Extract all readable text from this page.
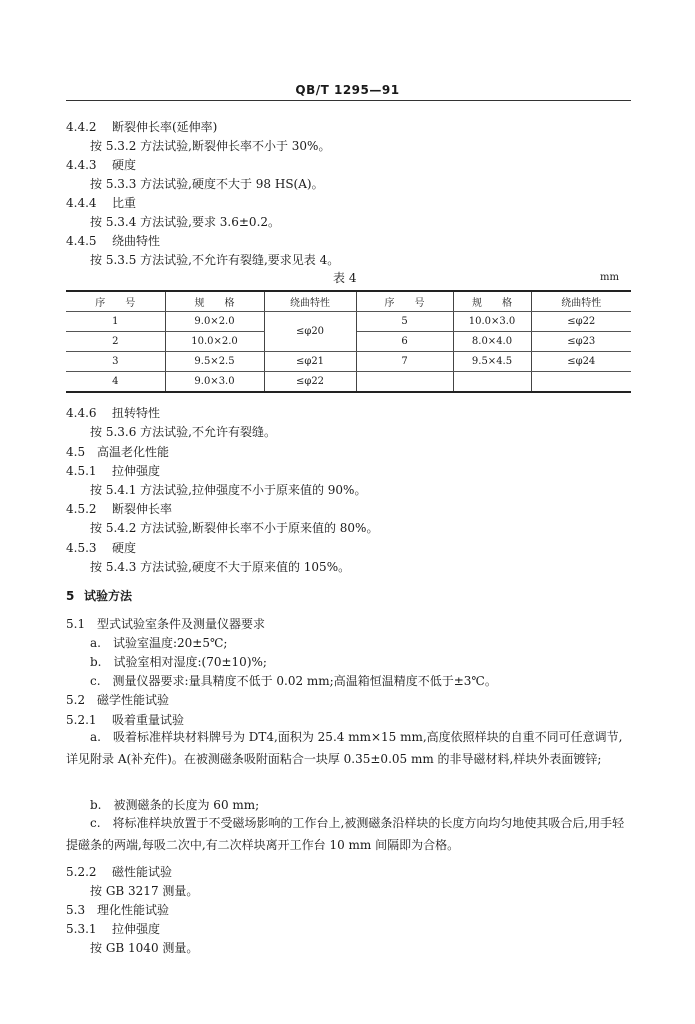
QB/T 1295—91
4.4.2 断裂伸长率(延伸率)
按 5.3.2 方法试验,断裂伸长率不小于 30%。
4.4.3 硬度
按 5.3.3 方法试验,硬度不大于 98 HS(A)。
4.4.4 比重
按 5.3.4 方法试验,要求 3.6±0.2。
4.4.5 绕曲特性
按 5.3.5 方法试验,不允许有裂缝,要求见表 4。
表 4	mm
序　　号	规　　格	绕曲特性	序　　号	规　　格	绕曲特性
1	9.0×2.0	≤φ20	5	10.0×3.0	≤φ22
2	10.0×2.0		6	8.0×4.0	≤φ23
3	9.5×2.5	≤φ21	7	9.5×4.5	≤φ24
4	9.0×3.0	≤φ22			
4.4.6 扭转特性
按 5.3.6 方法试验,不允许有裂缝。
4.5 高温老化性能
4.5.1 拉伸强度
按 5.4.1 方法试验,拉伸强度不小于原来值的 90%。
4.5.2 断裂伸长率
按 5.4.2 方法试验,断裂伸长率不小于原来值的 80%。
4.5.3 硬度
按 5.4.3 方法试验,硬度不大于原来值的 105%。
5 试验方法
5.1 型式试验室条件及测量仪器要求
a.　试验室温度:20±5℃;
b.　试验室相对湿度:(70±10)%;
c.　测量仪器要求:量具精度不低于 0.02 mm;高温箱恒温精度不低于±3℃。
5.2 磁学性能试验
5.2.1 吸着重量试验
a.　吸着标准样块材料牌号为 DT4,面积为 25.4 mm×15 mm,高度依照样块的自重不同可任意调节,详见附录 A(补充件)。在被测磁条吸附面粘合一块厚 0.35±0.05 mm 的非导磁材料,样块外表面镀锌;
b.　被测磁条的长度为 60 mm;
c.　将标准样块放置于不受磁场影响的工作台上,被测磁条沿样块的长度方向均匀地使其吸合后,用手轻提磁条的两端,每吸二次中,有二次样块离开工作台 10 mm 间隔即为合格。
5.2.2 磁性能试验
按 GB 3217 测量。
5.3 理化性能试验
5.3.1 拉伸强度
按 GB 1040 测量。
